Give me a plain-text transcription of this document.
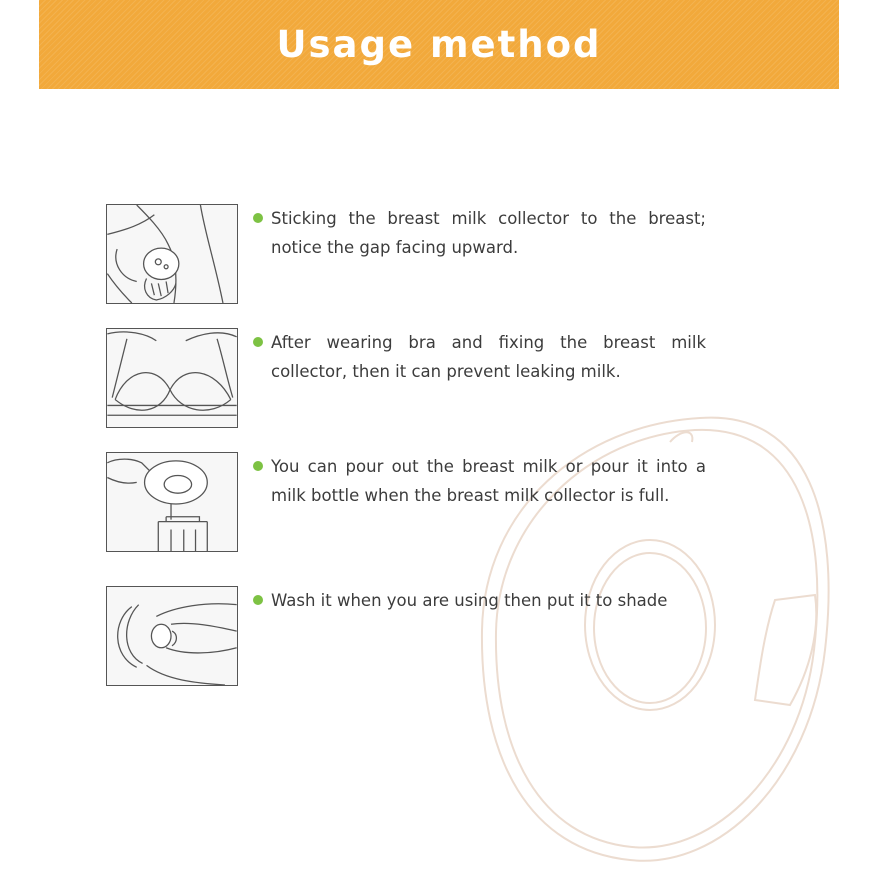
Usage method
Sticking the breast milk collector to the breast; notice the gap facing upward.
After wearing bra and fixing the breast milk collector, then it can prevent leaking milk.
You can pour out the breast milk or pour it into a milk bottle when the breast milk collector is full.
Wash it when you are using then put it to shade
